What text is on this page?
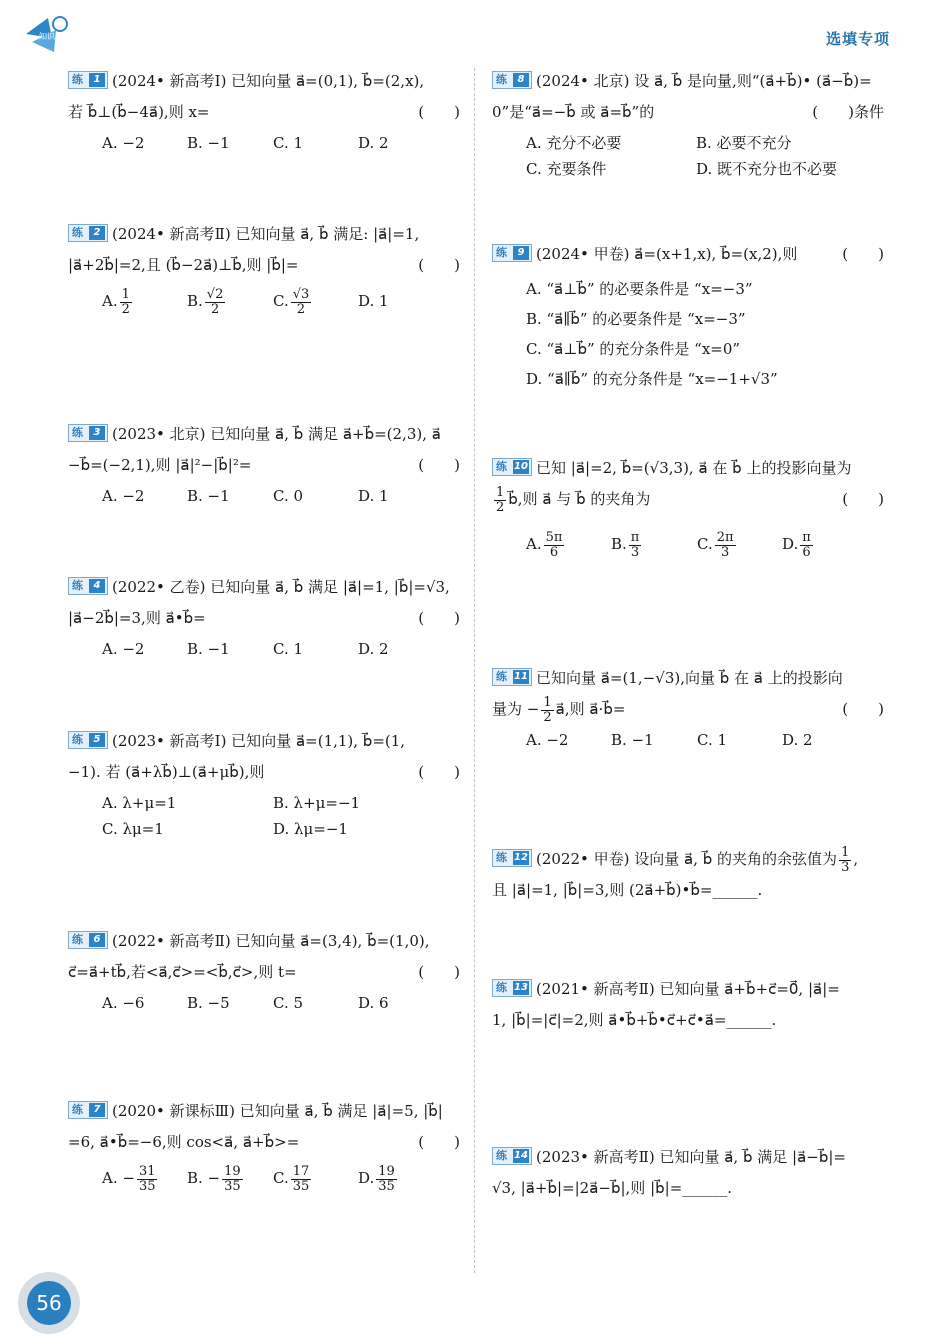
知识拓展	选填专项
练	1 (2024• 新高考Ⅰ) 已知向量 a⃗=(0,1), b⃗=(2,x),
若 b⃗⊥(b⃗−4a⃗),则 x=	(　　)
A. −2	B. −1	C. 1	D. 2
练	2 (2024• 新高考Ⅱ) 已知向量 a⃗, b⃗ 满足: |a⃗|=1,
|a⃗+2b⃗|=2,且 (b⃗−2a⃗)⊥b⃗,则 |b⃗|=	(　　)
A. $\frac{1}{2}$	B. $\frac{√2}{2}$	C. $\frac{√3}{2}$	D. 1
练	3 (2023• 北京) 已知向量 a⃗, b⃗ 满足 a⃗+b⃗=(2,3), a⃗
−b⃗=(−2,1),则 |a⃗|²−|b⃗|²=	(　　)
A. −2	B. −1	C. 0	D. 1
练	4 (2022• 乙卷) 已知向量 a⃗, b⃗ 满足 |a⃗|=1, |b⃗|=√3,
|a⃗−2b⃗|=3,则 a⃗•b⃗=	(　　)
A. −2	B. −1	C. 1	D. 2
练	5 (2023• 新高考Ⅰ) 已知向量 a⃗=(1,1), b⃗=(1,
−1). 若 (a⃗+λb⃗)⊥(a⃗+μb⃗),则	(　　)
A. λ+μ=1	B. λ+μ=−1
C. λμ=1	D. λμ=−1
练	6 (2022• 新高考Ⅱ) 已知向量 a⃗=(3,4), b⃗=(1,0),
c⃗=a⃗+tb⃗,若<a⃗,c⃗>=<b⃗,c⃗>,则 t=	(　　)
A. −6	B. −5	C. 5	D. 6
练	7 (2020• 新课标Ⅲ) 已知向量 a⃗, b⃗ 满足 |a⃗|=5, |b⃗|
=6, a⃗•b⃗=−6,则 cos<a⃗, a⃗+b⃗>=	(　　)
A. − $\frac{31}{35} B$. − $\frac{19}{35} C$. $\frac{17}{35}$	D. $\frac{19}{35}$
练	8 (2024• 北京) 设 a⃗, b⃗ 是向量,则“(a⃗+b⃗)• (a⃗−b⃗)=
0”是“a⃗=−b⃗ 或 a⃗=b⃗”的	(　　)条件
A. 充分不必要	B. 必要不充分
C. 充要条件	D. 既不充分也不必要
练	9 (2024• 甲卷) a⃗=(x+1,x), b⃗=(x,2),则	(　　)
A. “a⃗⊥b⃗” 的必要条件是 “x=−3”
B. “a⃗∥b⃗” 的必要条件是 “x=−3”
C. “a⃗⊥b⃗” 的充分条件是 “x=0”
D. “a⃗∥b⃗” 的充分条件是 “x=−1+√3”
练 10 已知 |a⃗|=2, b⃗=(√3,3), a⃗ 在 b⃗ 上的投影向量为
$\frac{1}{2}$ b⃗,则 a⃗ 与 b⃗ 的夹角为	(　　)
A. $\frac{5\pi}{6}$	B. $\frac{\pi}{3}$	C. $\frac{2\pi}{3}$	D. $\frac{\pi}{6}$
练 11 已知向量 a⃗=(1,−√3),向量 b⃗ 在 a⃗ 上的投影向
量为 − $\frac{1}{2}$ a⃗,则 a⃗·b⃗=	(　　)
A. −2	B. −1	C. 1	D. 2
练 12 (2022• 甲卷) 设向量 a⃗, b⃗ 的夹角的余弦值为 $\frac{1}{3}$ ,
且 |a⃗|=1, |b⃗|=3,则 (2a⃗+b⃗)•b⃗=______.
练 13 (2021• 新高考Ⅱ) 已知向量 a⃗+b⃗+c⃗=0⃗, |a⃗|=
1, |b⃗|=|c⃗|=2,则 a⃗•b⃗+b⃗•c⃗+c⃗•a⃗=______.
练 14 (2023• 新高考Ⅱ) 已知向量 a⃗, b⃗ 满足 |a⃗−b⃗|=
√3, |a⃗+b⃗|=|2a⃗−b⃗|,则 |b⃗|=______.
56
